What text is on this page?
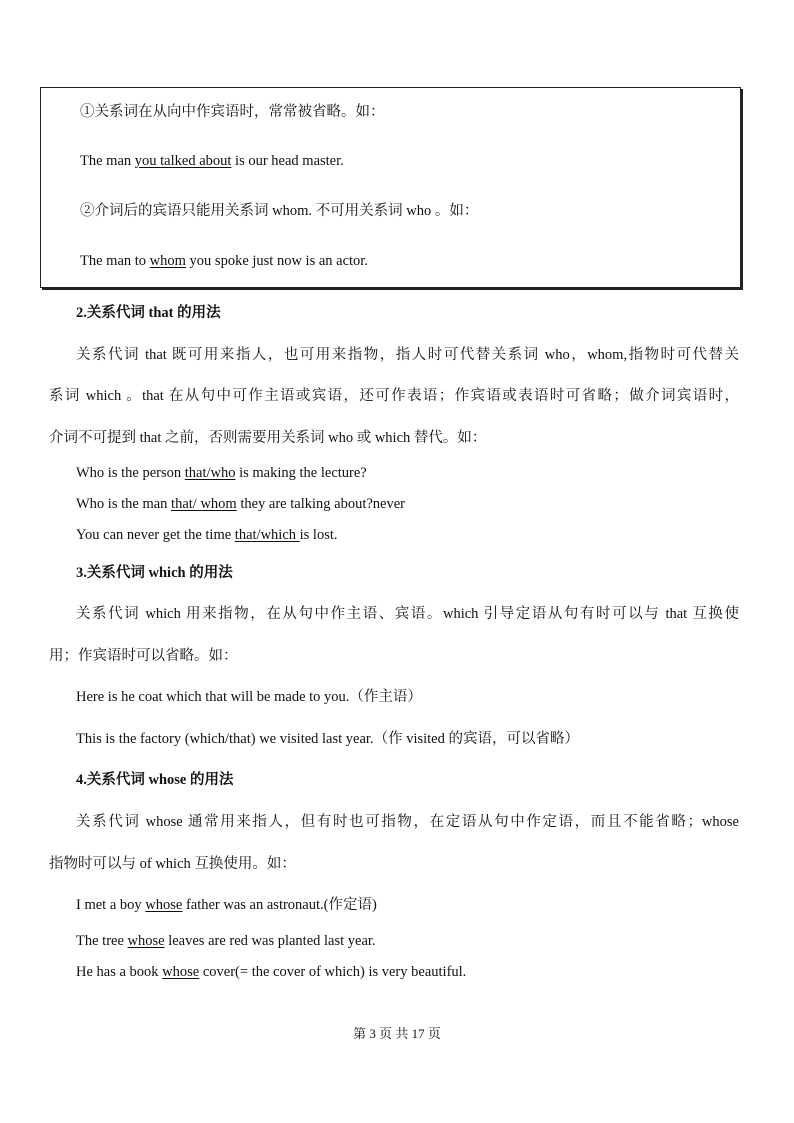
①关系词在从向中作宾语时，常常被省略。如：
The man you talked about is our head master.
②介词后的宾语只能用关系词 whom. 不可用关系词 who 。如：
The man to whom you spoke just now is an actor.
2.关系代词 that 的用法
关系代词 that 既可用来指人，也可用来指物，指人时可代替关系词 who，whom,指物时可代替关
系词 which 。that 在从句中可作主语或宾语，还可作表语；作宾语或表语时可省略；做介词宾语时，
介词不可提到 that 之前，否则需要用关系词 who 或 which 替代。如：
Who is the person that/who is making the lecture?
Who is the man that/ whom they are talking about?never
You can never get the time that/which is lost.
3.关系代词 which 的用法
关系代词 which 用来指物，在从句中作主语、宾语。which 引导定语从句有时可以与 that 互换使
用；作宾语时可以省略。如：
Here is he coat which that will be made to you.（作主语）
This is the factory (which/that) we visited last year.（作 visited 的宾语，可以省略）
4.关系代词 whose 的用法
关系代词 whose 通常用来指人，但有时也可指物，在定语从句中作定语，而且不能省略；whose
指物时可以与 of which 互换使用。如：
I met a boy whose father was an astronaut.(作定语)
The tree whose leaves are red was planted last year.
He has a book whose cover(= the cover of which) is very beautiful.
第 3 页 共 17 页
